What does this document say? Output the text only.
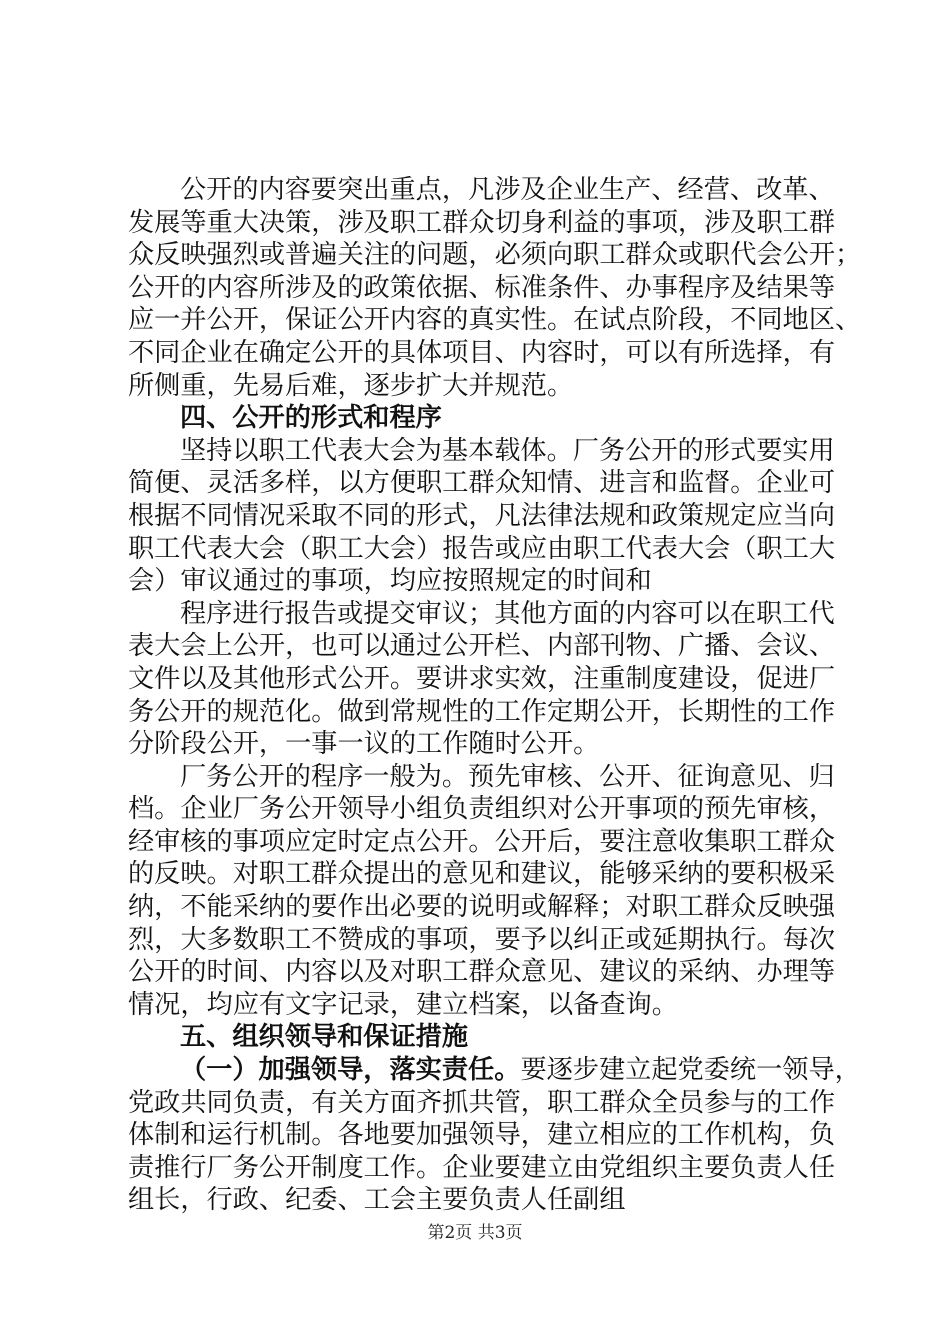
公开的内容要突出重点，凡涉及企业生产、经营、改革、
发展等重大决策，涉及职工群众切身利益的事项，涉及职工群
众反映强烈或普遍关注的问题，必须向职工群众或职代会公开；
公开的内容所涉及的政策依据、标准条件、办事程序及结果等
应一并公开，保证公开内容的真实性。在试点阶段，不同地区、
不同企业在确定公开的具体项目、内容时，可以有所选择，有
所侧重，先易后难，逐步扩大并规范。
四、公开的形式和程序
坚持以职工代表大会为基本载体。厂务公开的形式要实用
简便、灵活多样，以方便职工群众知情、进言和监督。企业可
根据不同情况采取不同的形式，凡法律法规和政策规定应当向
职工代表大会（职工大会）报告或应由职工代表大会（职工大
会）审议通过的事项，均应按照规定的时间和
程序进行报告或提交审议；其他方面的内容可以在职工代
表大会上公开，也可以通过公开栏、内部刊物、广播、会议、
文件以及其他形式公开。要讲求实效，注重制度建设，促进厂
务公开的规范化。做到常规性的工作定期公开，长期性的工作
分阶段公开，一事一议的工作随时公开。
厂务公开的程序一般为。预先审核、公开、征询意见、归
档。企业厂务公开领导小组负责组织对公开事项的预先审核，
经审核的事项应定时定点公开。公开后，要注意收集职工群众
的反映。对职工群众提出的意见和建议，能够采纳的要积极采
纳，不能采纳的要作出必要的说明或解释；对职工群众反映强
烈，大多数职工不赞成的事项，要予以纠正或延期执行。每次
公开的时间、内容以及对职工群众意见、建议的采纳、办理等
情况，均应有文字记录，建立档案，以备查询。
五、组织领导和保证措施
（一）加强领导，落实责任。要逐步建立起党委统一领导，
党政共同负责，有关方面齐抓共管，职工群众全员参与的工作
体制和运行机制。各地要加强领导，建立相应的工作机构，负
责推行厂务公开制度工作。企业要建立由党组织主要负责人任
组长，行政、纪委、工会主要负责人任副组
第2页 共3页
